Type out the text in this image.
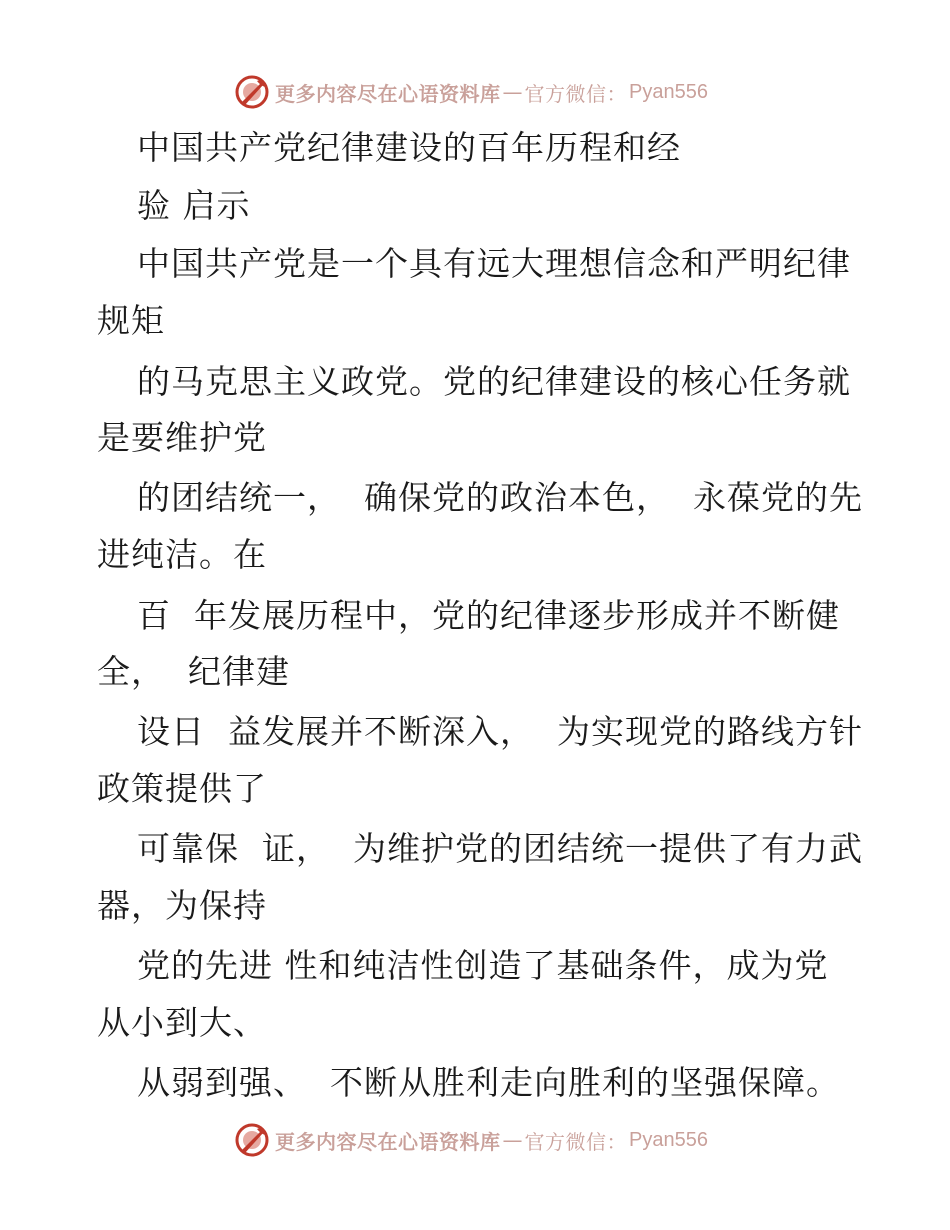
更多内容尽在心语资料库 — 官方微信： Pyan556
中国共产党纪律建设的百年历程和经
验 启示
中国共产党是一个具有远大理想信念和严明纪律
规矩
的马克思主义政党。党的纪律建设的核心任务就
是要维护党
的团结统一，  确保党的政治本色，  永葆党的先
进纯洁。在
百  年发展历程中，党的纪律逐步形成并不断健
全，  纪律建
设日  益发展并不断深入，  为实现党的路线方针
政策提供了
可靠保  证，  为维护党的团结统一提供了有力武
器，为保持
党的先进 性和纯洁性创造了基础条件，成为党
从小到大、
从弱到强、  不断从胜利走向胜利的坚强保障。
更多内容尽在心语资料库 — 官方微信： Pyan556
